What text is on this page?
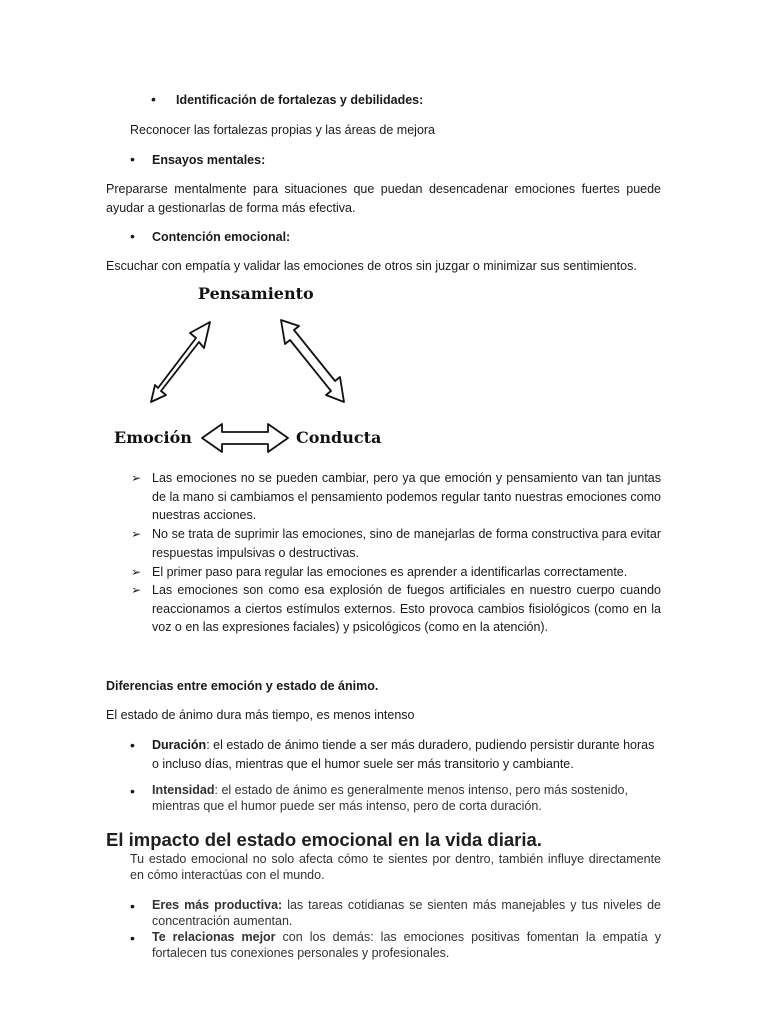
• Identificación de fortalezas y debilidades:

Reconocer las fortalezas propias y las áreas de mejora

• Ensayos mentales:

Prepararse mentalmente para situaciones que puedan desencadenar emociones fuertes puede ayudar a gestionarlas de forma más efectiva.

• Contención emocional:

Escuchar con empatía y validar las emociones de otros sin juzgar o minimizar sus sentimientos.

Pensamiento
Emoción	Conducta
➢ Las emociones no se pueden cambiar, pero ya que emoción y pensamiento van tan juntas de la mano si cambiamos el pensamiento podemos regular tanto nuestras emociones como nuestras acciones.

➢ No se trata de suprimir las emociones, sino de manejarlas de forma constructiva para evitar respuestas impulsivas o destructivas.

➢ El primer paso para regular las emociones es aprender a identificarlas correctamente.

➢ Las emociones son como esa explosión de fuegos artificiales en nuestro cuerpo cuando reaccionamos a ciertos estímulos externos. Esto provoca cambios fisiológicos (como en la voz o en las expresiones faciales) y psicológicos (como en la atención).

Diferencias entre emoción y estado de ánimo.

El estado de ánimo dura más tiempo, es menos intenso

• Duración: el estado de ánimo tiende a ser más duradero, pudiendo persistir durante horas o incluso días, mientras que el humor suele ser más transitorio y cambiante.

• Intensidad: el estado de ánimo es generalmente menos intenso, pero más sostenido, mientras que el humor puede ser más intenso, pero de corta duración.

El impacto del estado emocional en la vida diaria.

Tu estado emocional no solo afecta cómo te sientes por dentro, también influye directamente en cómo interactúas con el mundo.

• Eres más productiva: las tareas cotidianas se sienten más manejables y tus niveles de concentración aumentan.

• Te relacionas mejor con los demás: las emociones positivas fomentan la empatía y fortalecen tus conexiones personales y profesionales.
